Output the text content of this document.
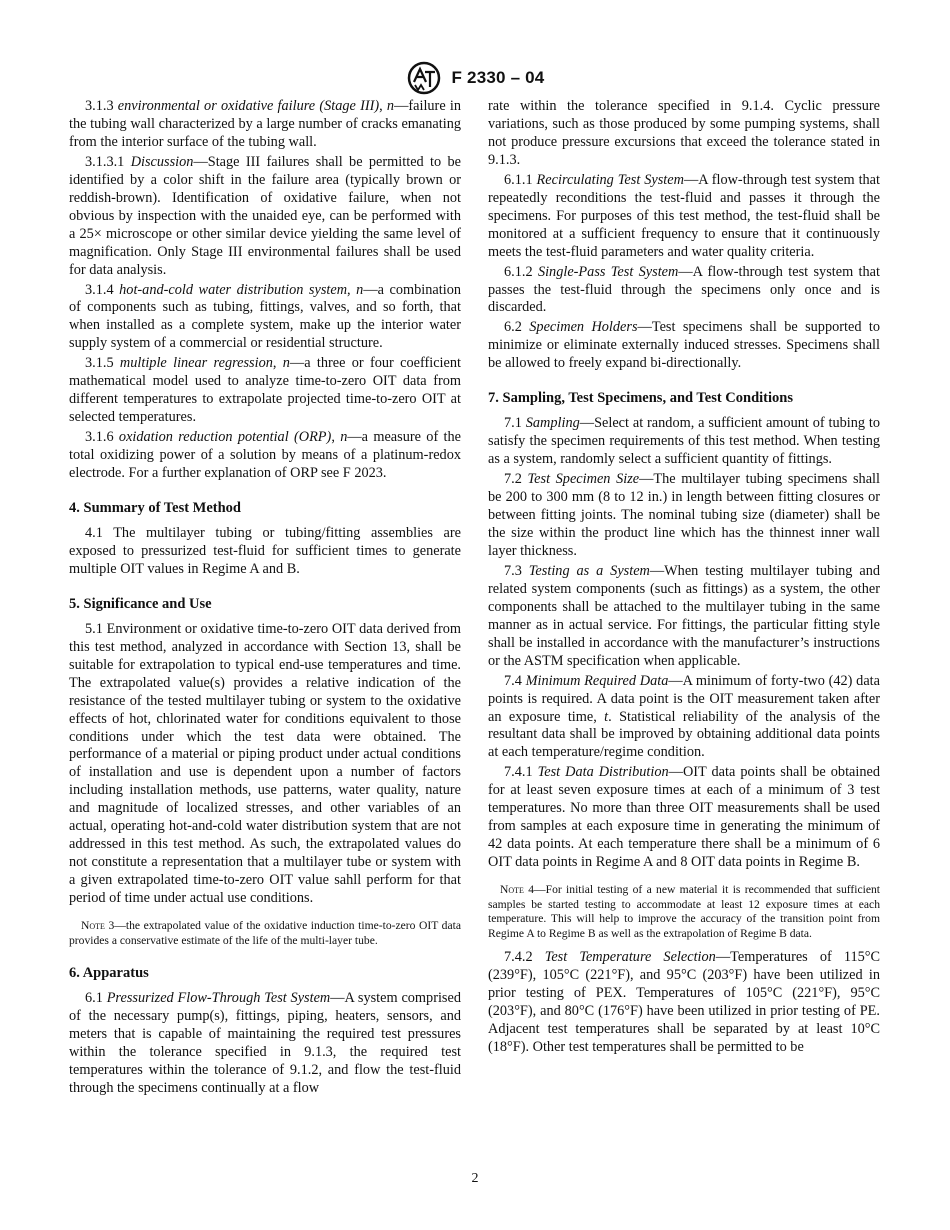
F 2330 – 04

3.1.3 environmental or oxidative failure (Stage III), n—failure in the tubing wall characterized by a large number of cracks emanating from the interior surface of the tubing wall.

3.1.3.1 Discussion—Stage III failures shall be permitted to be identified by a color shift in the failure area (typically brown or reddish-brown). Identification of oxidative failure, when not obvious by inspection with the unaided eye, can be performed with a 25× microscope or other similar device yielding the same level of magnification. Only Stage III environmental failures shall be used for data analysis.

3.1.4 hot-and-cold water distribution system, n—a combination of components such as tubing, fittings, valves, and so forth, that when installed as a complete system, make up the interior water supply system of a commercial or residential structure.

3.1.5 multiple linear regression, n—a three or four coefficient mathematical model used to analyze time-to-zero OIT data from different temperatures to extrapolate projected time-to-zero OIT at selected temperatures.

3.1.6 oxidation reduction potential (ORP), n—a measure of the total oxidizing power of a solution by means of a platinum-redox electrode. For a further explanation of ORP see F 2023.

4. Summary of Test Method

4.1 The multilayer tubing or tubing/fitting assemblies are exposed to pressurized test-fluid for sufficient times to generate multiple OIT values in Regime A and B.

5. Significance and Use

5.1 Environment or oxidative time-to-zero OIT data derived from this test method, analyzed in accordance with Section 13, shall be suitable for extrapolation to typical end-use temperatures and time. The extrapolated value(s) provides a relative indication of the resistance of the tested multilayer tubing or system to the oxidative effects of hot, chlorinated water for conditions equivalent to those conditions under which the test data were obtained. The performance of a material or piping product under actual conditions of installation and use is dependent upon a number of factors including installation methods, use patterns, water quality, nature and magnitude of localized stresses, and other variables of an actual, operating hot-and-cold water distribution system that are not addressed in this test method. As such, the extrapolated values do not constitute a representation that a multilayer tube or system with a given extrapolated time-to-zero OIT value sahll perform for that period of time under actual use conditions.

Note 3—the extrapolated value of the oxidative induction time-to-zero OIT data provides a conservative estimate of the life of the multi-layer tube.

6. Apparatus

6.1 Pressurized Flow-Through Test System—A system comprised of the necessary pump(s), fittings, piping, heaters, sensors, and meters that is capable of maintaining the required test pressures within the tolerance specified in 9.1.3, the required test temperatures within the tolerance of 9.1.2, and flow the test-fluid through the specimens continually at a flow

rate within the tolerance specified in 9.1.4. Cyclic pressure variations, such as those produced by some pumping systems, shall not produce pressure excursions that exceed the tolerance stated in 9.1.3.

6.1.1 Recirculating Test System—A flow-through test system that repeatedly reconditions the test-fluid and passes it through the specimens. For purposes of this test method, the test-fluid shall be monitored at a sufficient frequency to ensure that it continuously meets the test-fluid parameters and water quality criteria.

6.1.2 Single-Pass Test System—A flow-through test system that passes the test-fluid through the specimens only once and is discarded.

6.2 Specimen Holders—Test specimens shall be supported to minimize or eliminate externally induced stresses. Specimens shall be allowed to freely expand bi-directionally.

7. Sampling, Test Specimens, and Test Conditions

7.1 Sampling—Select at random, a sufficient amount of tubing to satisfy the specimen requirements of this test method. When testing as a system, randomly select a sufficient quantity of fittings.

7.2 Test Specimen Size—The multilayer tubing specimens shall be 200 to 300 mm (8 to 12 in.) in length between fitting closures or between fitting joints. The nominal tubing size (diameter) shall be the size within the product line which has the thinnest inner wall layer thickness.

7.3 Testing as a System—When testing multilayer tubing and related system components (such as fittings) as a system, the other components shall be attached to the multilayer tubing in the same manner as in actual service. For fittings, the particular fitting style shall be installed in accordance with the manufacturer’s instructions or the ASTM specification when applicable.

7.4 Minimum Required Data—A minimum of forty-two (42) data points is required. A data point is the OIT measurement taken after an exposure time, t. Statistical reliability of the analysis of the resultant data shall be improved by obtaining additional data points at each temperature/regime condition.

7.4.1 Test Data Distribution—OIT data points shall be obtained for at least seven exposure times at each of a minimum of 3 test temperatures. No more than three OIT measurements shall be used from samples at each exposure time in generating the minimum of 42 data points. At each temperature there shall be a minimum of 6 OIT data points in Regime A and 8 OIT data points in Regime B.

Note 4—For initial testing of a new material it is recommended that sufficient samples be started testing to accommodate at least 12 exposure times at each temperature. This will help to improve the accuracy of the transition point from Regime A to Regime B as well as the extrapolation of Regime B data.

7.4.2 Test Temperature Selection—Temperatures of 115°C (239°F), 105°C (221°F), and 95°C (203°F) have been utilized in prior testing of PEX. Temperatures of 105°C (221°F), 95°C (203°F), and 80°C (176°F) have been utilized in prior testing of PE. Adjacent test temperatures shall be separated by at least 10°C (18°F). Other test temperatures shall be permitted to be

2
